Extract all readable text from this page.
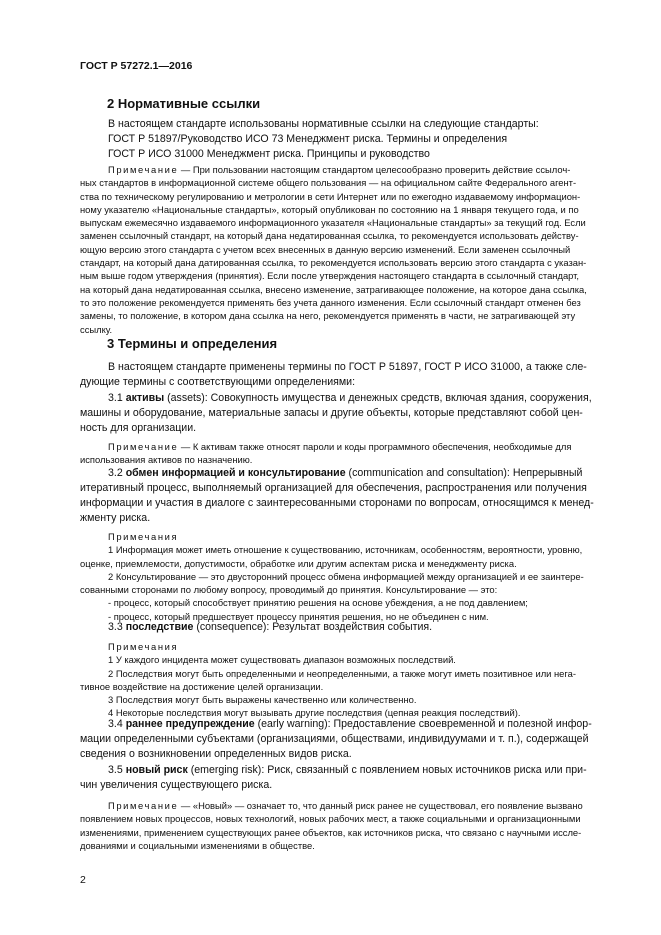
ГОСТ Р 57272.1—2016
2 Нормативные ссылки
В настоящем стандарте использованы нормативные ссылки на следующие стандарты:
ГОСТ Р 51897/Руководство ИСО 73 Менеджмент риска. Термины и определения
ГОСТ Р ИСО 31000 Менеджмент риска. Принципы и руководство
Примечание — При пользовании настоящим стандартом целесообразно проверить действие ссылоч-
ных стандартов в информационной системе общего пользования — на официальном сайте Федерального агент-
ства по техническому регулированию и метрологии в сети Интернет или по ежегодно издаваемому информацион-
ному указателю «Национальные стандарты», который опубликован по состоянию на 1 января текущего года, и по
выпускам ежемесячно издаваемого информационного указателя «Национальные стандарты» за текущий год. Если
заменен ссылочный стандарт, на который дана недатированная ссылка, то рекомендуется использовать действу-
ющую версию этого стандарта с учетом всех внесенных в данную версию изменений. Если заменен ссылочный
стандарт, на который дана датированная ссылка, то рекомендуется использовать версию этого стандарта с указан-
ным выше годом утверждения (принятия). Если после утверждения настоящего стандарта в ссылочный стандарт,
на который дана недатированная ссылка, внесено изменение, затрагивающее положение, на которое дана ссылка,
то это положение рекомендуется применять без учета данного изменения. Если ссылочный стандарт отменен без
замены, то положение, в котором дана ссылка на него, рекомендуется применять в части, не затрагивающей эту
ссылку.
3 Термины и определения
В настоящем стандарте применены термины по ГОСТ Р 51897, ГОСТ Р ИСО 31000, а также сле-
дующие термины с соответствующими определениями:
3.1 активы (assets): Совокупность имущества и денежных средств, включая здания, сооружения,
машины и оборудование, материальные запасы и другие объекты, которые представляют собой цен-
ность для организации.
Примечание — К активам также относят пароли и коды программного обеспечения, необходимые для
использования активов по назначению.
3.2 обмен информацией и консультирование (communication and consultation): Непрерывный
итеративный процесс, выполняемый организацией для обеспечения, распространения или получения
информации и участия в диалоге с заинтересованными сторонами по вопросам, относящимся к менед-
жменту риска.
Примечания
1 Информация может иметь отношение к существованию, источникам, особенностям, вероятности, уровню,
оценке, приемлемости, допустимости, обработке или другим аспектам риска и менеджменту риска.
2 Консультирование — это двусторонний процесс обмена информацией между организацией и ее заинтере-
сованными сторонами по любому вопросу, проводимый до принятия. Консультирование — это:
- процесс, который способствует принятию решения на основе убеждения, а не под давлением;
- процесс, который предшествует процессу принятия решения, но не объединен с ним.
3.3 последствие (consequence): Результат воздействия события.
Примечания
1 У каждого инцидента может существовать диапазон возможных последствий.
2 Последствия могут быть определенными и неопределенными, а также могут иметь позитивное или нега-
тивное воздействие на достижение целей организации.
3 Последствия могут быть выражены качественно или количественно.
4 Некоторые последствия могут вызывать другие последствия (цепная реакция последствий).
3.4 раннее предупреждение (early warning): Предоставление своевременной и полезной инфор-
мации определенными субъектами (организациями, обществами, индивидуумами и т. п.), содержащей
сведения о возникновении определенных видов риска.
3.5 новый риск (emerging risk): Риск, связанный с появлением новых источников риска или при-
чин увеличения существующего риска.
Примечание — «Новый» — означает то, что данный риск ранее не существовал, его появление вызвано
появлением новых процессов, новых технологий, новых рабочих мест, а также социальными и организационными
изменениями, применением существующих ранее объектов, как источников риска, что связано с научными иссле-
дованиями и социальными изменениями в обществе.
2
